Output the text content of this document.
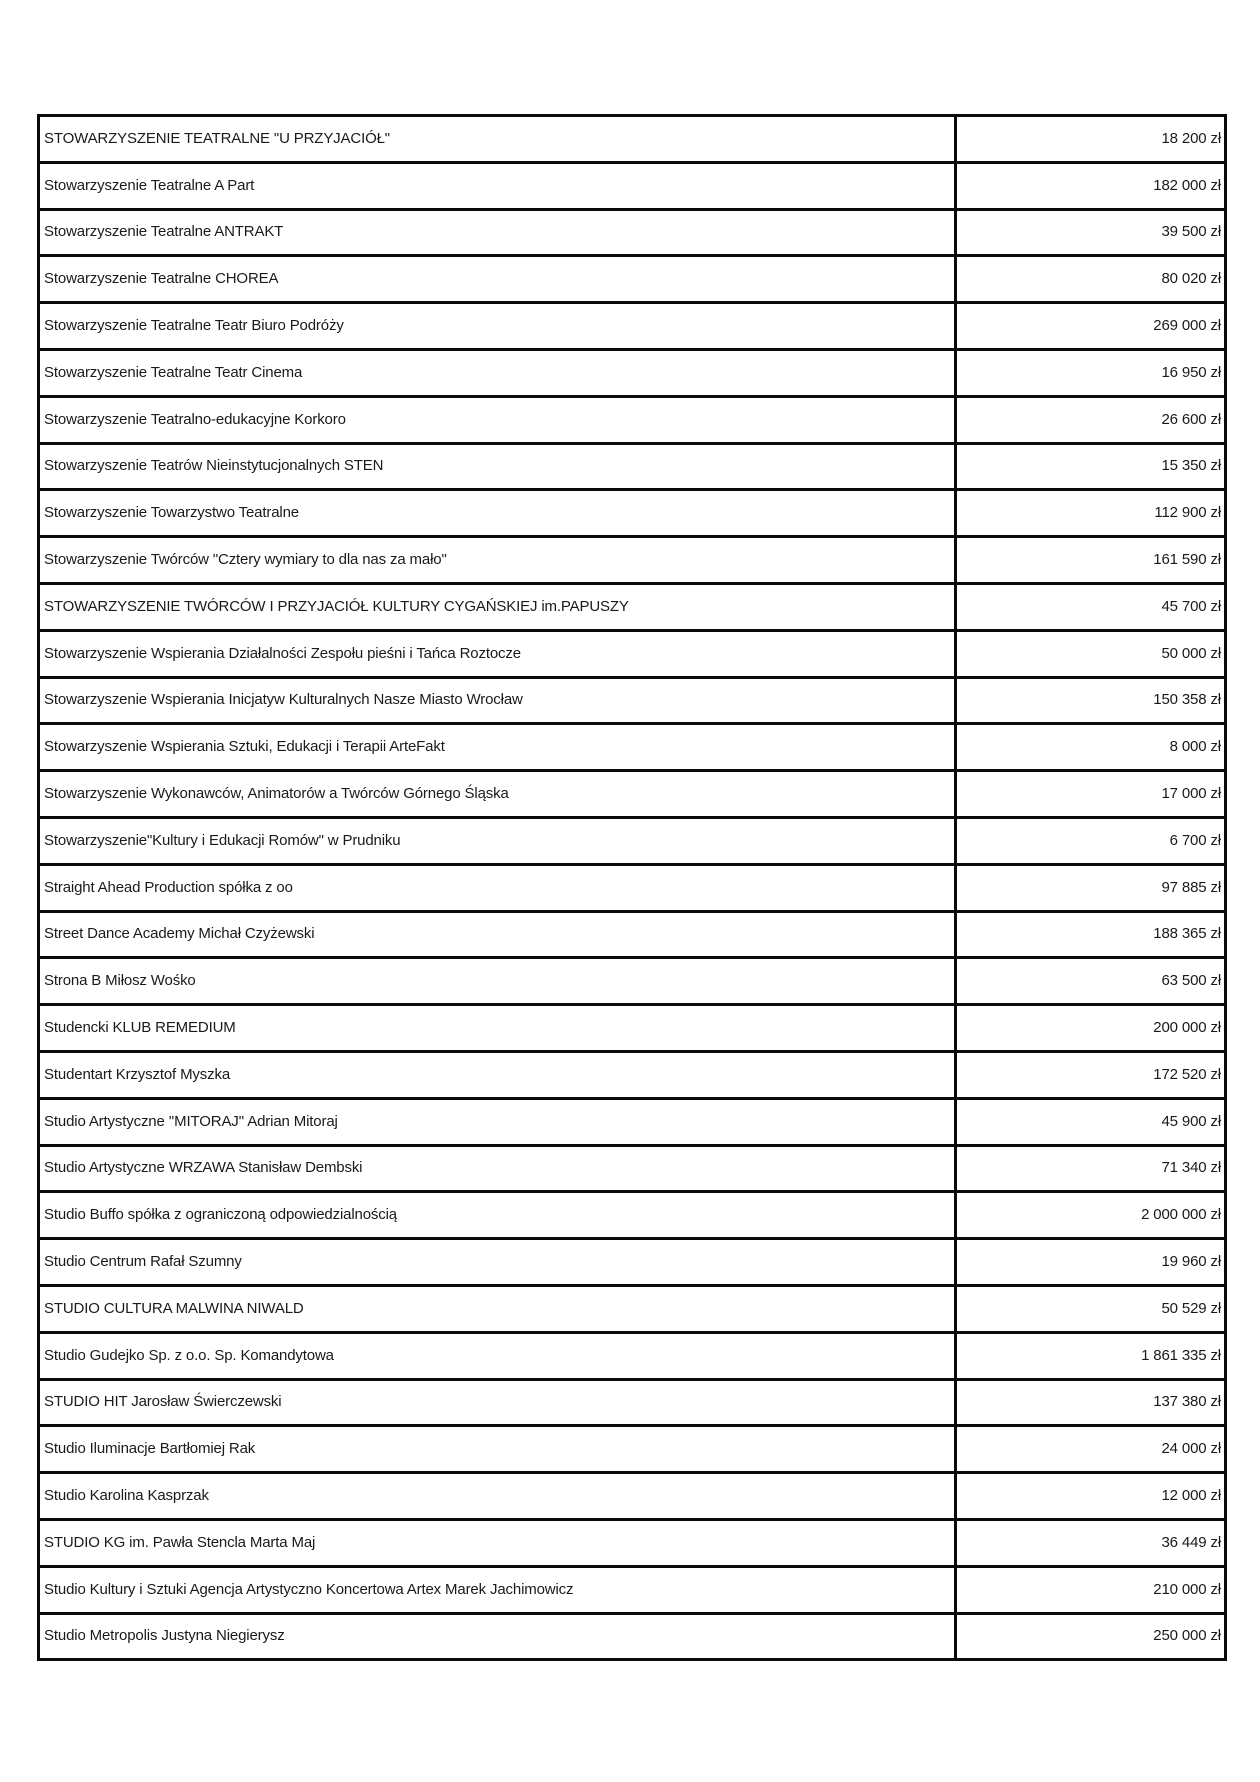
STOWARZYSZENIE TEATRALNE "U PRZYJACIÓŁ"	18 200 zł
Stowarzyszenie Teatralne A Part	182 000 zł
Stowarzyszenie Teatralne ANTRAKT	39 500 zł
Stowarzyszenie Teatralne CHOREA	80 020 zł
Stowarzyszenie Teatralne Teatr Biuro Podróży	269 000 zł
Stowarzyszenie Teatralne Teatr Cinema	16 950 zł
Stowarzyszenie Teatralno-edukacyjne Korkoro	26 600 zł
Stowarzyszenie Teatrów Nieinstytucjonalnych STEN	15 350 zł
Stowarzyszenie Towarzystwo Teatralne	112 900 zł
Stowarzyszenie Twórców "Cztery wymiary to dla nas za mało"	161 590 zł
STOWARZYSZENIE TWÓRCÓW I PRZYJACIÓŁ KULTURY CYGAŃSKIEJ im.PAPUSZY	45 700 zł
Stowarzyszenie Wspierania Działalności Zespołu pieśni i Tańca Roztocze	50 000 zł
Stowarzyszenie Wspierania Inicjatyw Kulturalnych Nasze Miasto Wrocław	150 358 zł
Stowarzyszenie Wspierania Sztuki, Edukacji i Terapii ArteFakt	8 000 zł
Stowarzyszenie Wykonawców, Animatorów a Twórców Górnego Śląska	17 000 zł
Stowarzyszenie"Kultury i Edukacji Romów" w Prudniku	6 700 zł
Straight Ahead Production spółka z oo	97 885 zł
Street Dance Academy Michał Czyżewski	188 365 zł
Strona B Miłosz Wośko	63 500 zł
Studencki KLUB REMEDIUM	200 000 zł
Studentart Krzysztof Myszka	172 520 zł
Studio Artystyczne ''MITORAJ'' Adrian Mitoraj	45 900 zł
Studio Artystyczne WRZAWA Stanisław Dembski	71 340 zł
Studio Buffo spółka z ograniczoną odpowiedzialnością	2 000 000 zł
Studio Centrum Rafał Szumny	19 960 zł
STUDIO CULTURA MALWINA NIWALD	50 529 zł
Studio Gudejko Sp. z o.o. Sp. Komandytowa	1 861 335 zł
STUDIO HIT Jarosław Świerczewski	137 380 zł
Studio Iluminacje Bartłomiej Rak	24 000 zł
Studio Karolina Kasprzak	12 000 zł
STUDIO KG im. Pawła Stencla Marta Maj	36 449 zł
Studio Kultury i Sztuki Agencja Artystyczno Koncertowa Artex Marek Jachimowicz	210 000 zł
Studio Metropolis Justyna Niegierysz	250 000 zł
